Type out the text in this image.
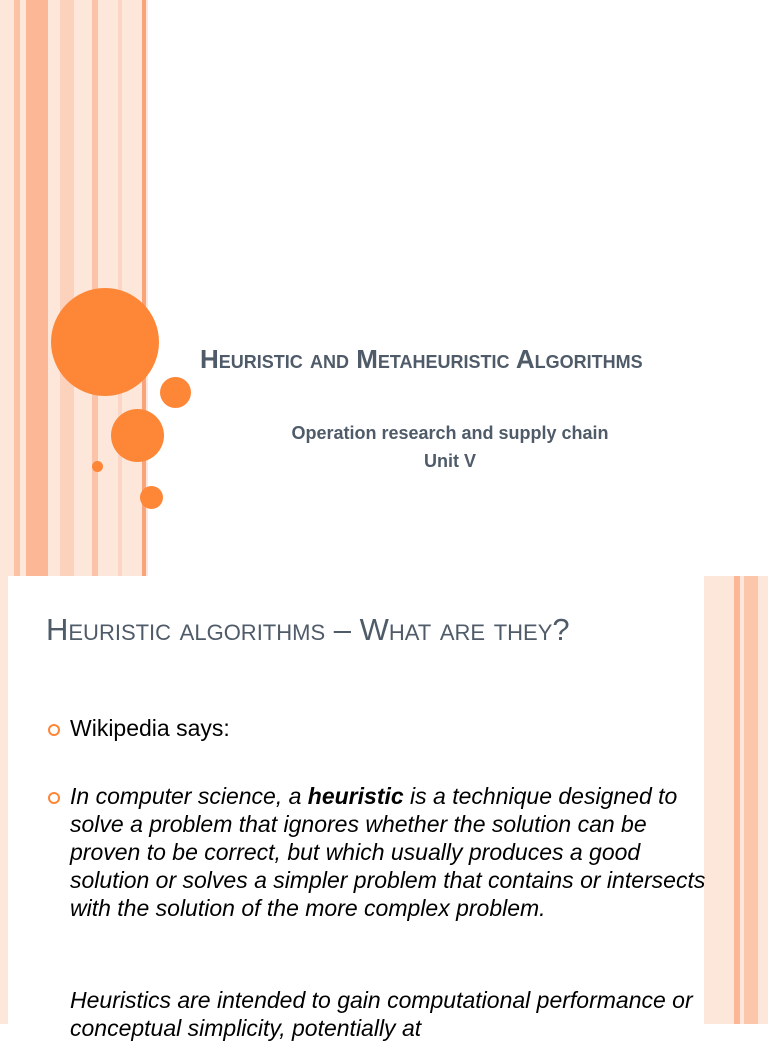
Heuristic and Metaheuristic Algorithms
Operation research and supply chain
Unit V
Heuristic algorithms – What are they?
Wikipedia says:
In computer science, a heuristic is a technique designed to solve a problem that ignores whether the solution can be proven to be correct, but which usually produces a good solution or solves a simpler problem that contains or intersects with the solution of the more complex problem.
Heuristics are intended to gain computational performance or conceptual simplicity, potentially at
